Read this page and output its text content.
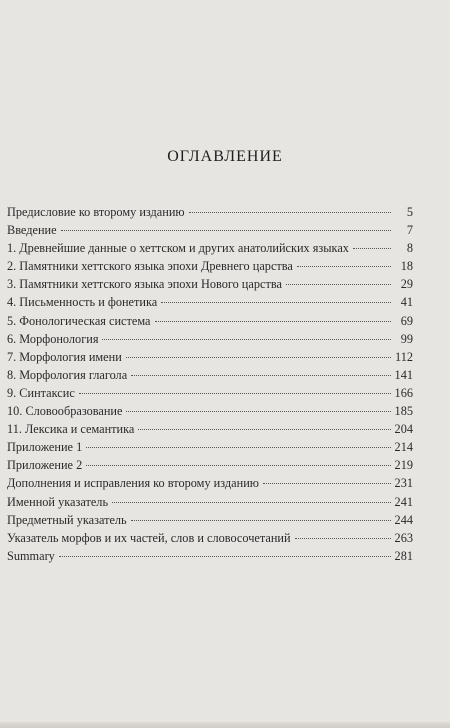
ОГЛАВЛЕНИЕ
Предисловие ко второму изданию	5
Введение	7
1. Древнейшие данные о хеттском и других анатолийских языках	8
2. Памятники хеттского языка эпохи Древнего царства	18
3. Памятники хеттского языка эпохи Нового царства	29
4. Письменность и фонетика	41
5. Фонологическая система	69
6. Морфонология	99
7. Морфология имени	112
8. Морфология глагола	141
9. Синтаксис	166
10. Словообразование	185
11. Лексика и семантика	204
Приложение 1	214
Приложение 2	219
Дополнения и исправления ко второму изданию	231
Именной указатель	241
Предметный указатель	244
Указатель морфов и их частей, слов и словосочетаний	263
Summary	281
